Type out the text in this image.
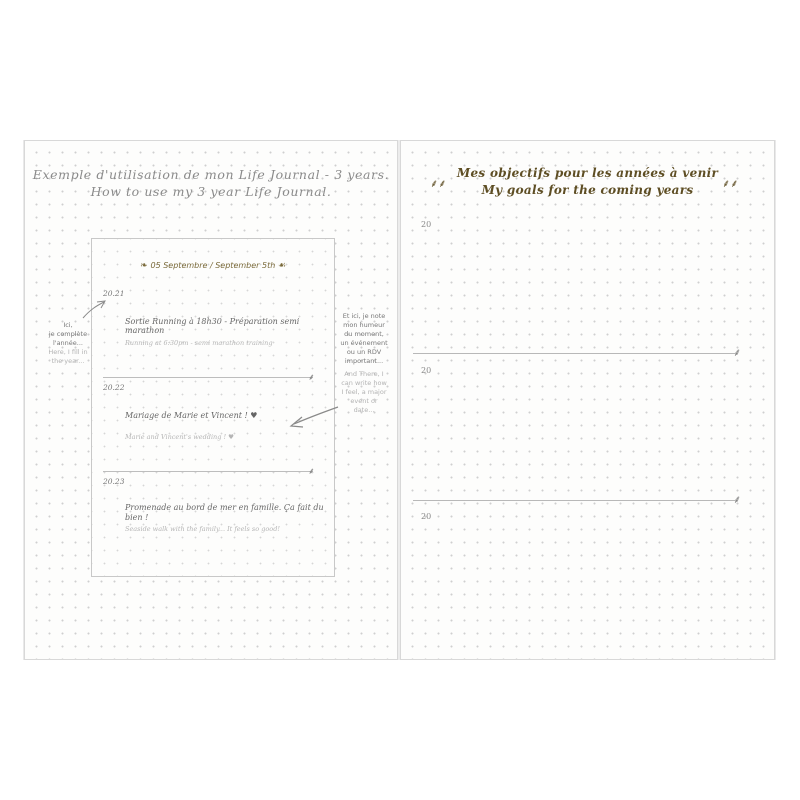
Exemple d'utilisation de mon Life Journal - 3 years.
How to use my 3 year Life Journal.
❧ 05 Septembre / September 5th ☙
20.21
Sortie Running à 18h30 - Préparation semi marathon
Running at 6:30pm - semi marathon training
⸙
20.22
Mariage de Marie et Vincent ! ♥
Marie and Vincent's wedding ! ♥
⸙
20.23
Promenade au bord de mer en famille. Ça fait du bien !
Seaside walk with the family... It feels so good!
Ici,
je complète
l'année...
Here, I fill in
the year...
Et ici, je note
mon humeur
du moment,
un événement
ou un RDV
important...
And There, I
can write how
I feel, a major
event or
date...
Mes objectifs pour les années à venir
My goals for the coming years
⸙⸙	⸙⸙
20
⸙
20
⸙
20
